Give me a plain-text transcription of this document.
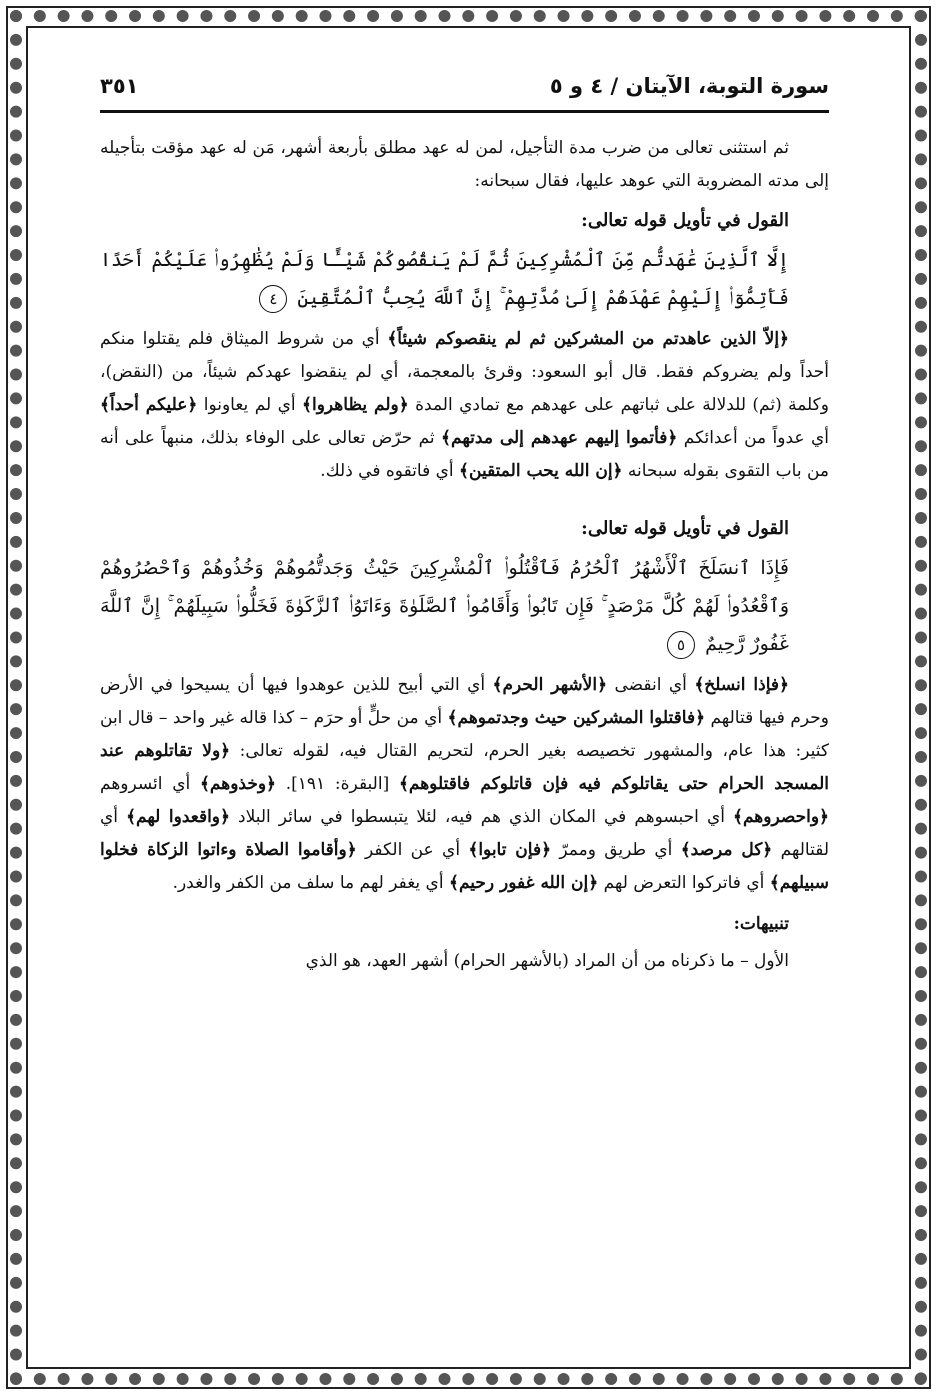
سورة التوبة، الآيتان / ٤ و ٥
٣٥١

ثم استثنى تعالى من ضرب مدة التأجيل، لمن له عهد مطلق بأربعة أشهر، مَن له عهد مؤقت بتأجيله إلى مدته المضروبة التي عوهد عليها، فقال سبحانه:

القول في تأويل قوله تعالى:

إِلَّا ٱلَّذِينَ عَٰهَدتُّم مِّنَ ٱلْمُشْرِكِينَ ثُمَّ لَمْ يَنقُصُوكُمْ شَيْـًٔا وَلَمْ يُظَٰهِرُوا۟ عَلَيْكُمْ أَحَدًا فَأَتِمُّوٓا۟ إِلَيْهِمْ عَهْدَهُمْ إِلَىٰ مُدَّتِهِمْ ۚ إِنَّ ٱللَّهَ يُحِبُّ ٱلْمُتَّقِينَ ٤

﴿إلاّ الذين عاهدتم من المشركين ثم لم ينقصوكم شيئاً﴾ أي من شروط الميثاق فلم يقتلوا منكم أحداً ولم يضروكم فقط. قال أبو السعود: وقرئ بالمعجمة، أي لم ينقضوا عهدكم شيئاً، من (النقض)، وكلمة (ثم) للدلالة على ثباتهم على عهدهم مع تمادي المدة ﴿ولم يظاهروا﴾ أي لم يعاونوا ﴿عليكم أحداً﴾ أي عدواً من أعدائكم ﴿فأتموا إليهم عهدهم إلى مدتهم﴾ ثم حرّض تعالى على الوفاء بذلك، منبهاً على أنه من باب التقوى بقوله سبحانه ﴿إن الله يحب المتقين﴾ أي فاتقوه في ذلك.

القول في تأويل قوله تعالى:

فَإِذَا ٱنسَلَخَ ٱلْأَشْهُرُ ٱلْحُرُمُ فَٱقْتُلُوا۟ ٱلْمُشْرِكِينَ حَيْثُ وَجَدتُّمُوهُمْ وَخُذُوهُمْ وَٱحْصُرُوهُمْ وَٱقْعُدُوا۟ لَهُمْ كُلَّ مَرْصَدٍ ۚ فَإِن تَابُوا۟ وَأَقَامُوا۟ ٱلصَّلَوٰةَ وَءَاتَوُا۟ ٱلزَّكَوٰةَ فَخَلُّوا۟ سَبِيلَهُمْ ۚ إِنَّ ٱللَّهَ غَفُورٌ رَّحِيمٌ ٥

﴿فإذا انسلخ﴾ أي انقضى ﴿الأشهر الحرم﴾ أي التي أبيح للذين عوهدوا فيها أن يسيحوا في الأرض وحرم فيها قتالهم ﴿فاقتلوا المشركين حيث وجدتموهم﴾ أي من حلٍّ أو حرَم – كذا قاله غير واحد – قال ابن كثير: هذا عام، والمشهور تخصيصه بغير الحرم، لتحريم القتال فيه، لقوله تعالى: ﴿ولا تقاتلوهم عند المسجد الحرام حتى يقاتلوكم فيه فإن قاتلوكم فاقتلوهم﴾ [البقرة: ١٩١]. ﴿وخذوهم﴾ أي ائسروهم ﴿واحصروهم﴾ أي احبسوهم في المكان الذي هم فيه، لئلا يتبسطوا في سائر البلاد ﴿واقعدوا لهم﴾ أي لقتالهم ﴿كل مرصد﴾ أي طريق وممرّ ﴿فإن تابوا﴾ أي عن الكفر ﴿وأقاموا الصلاة وءاتوا الزكاة فخلوا سبيلهم﴾ أي فاتركوا التعرض لهم ﴿إن الله غفور رحيم﴾ أي يغفر لهم ما سلف من الكفر والغدر.

تنبيهات:

الأول – ما ذكرناه من أن المراد (بالأشهر الحرام) أشهر العهد، هو الذي
